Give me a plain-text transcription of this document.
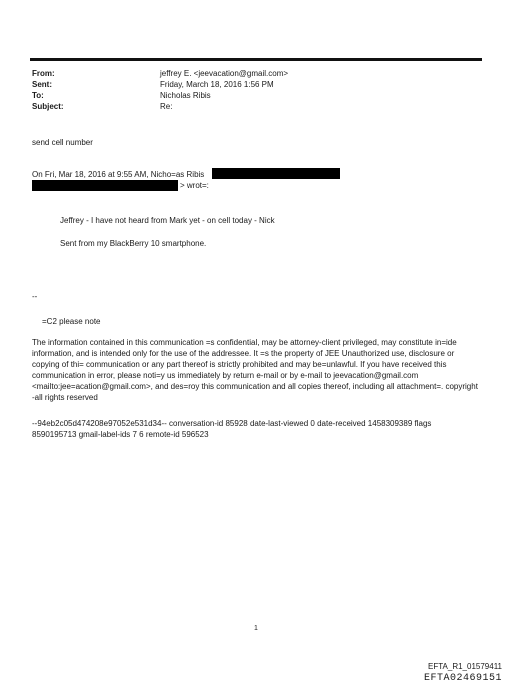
From:	jeffrey E. <jeevacation@gmail.com>
Sent:	Friday, March 18, 2016 1:56 PM
To:	Nicholas Ribis
Subject:	Re:
send cell number
On Fri, Mar 18, 2016 at 9:55 AM, Nicho=as Ribis
> wrot=:
Jeffrey - I have not heard from Mark yet - on cell today - Nick
Sent from my BlackBerry 10 smartphone.
--
=C2 please note
The information contained in this communication =s confidential, may be attorney-client privileged, may constitute in=ide information, and is intended only for the use of the addressee. It =s the property of JEE Unauthorized use, disclosure or copying of thi= communication or any part thereof is strictly prohibited and may be=unlawful. If you have received this communication in error, please noti=y us immediately by return e-mail or by e-mail to jeevacation@gmail.com <mailto:jee=acation@gmail.com>, and des=roy this communication and all copies thereof, including all attachment=. copyright -all rights reserved
--94eb2c05d474208e97052e531d34-- conversation-id 85928 date-last-viewed 0 date-received 1458309389 flags 8590195713 gmail-label-ids 7 6 remote-id 596523
1
EFTA_R1_01579411
EFTA02469151
